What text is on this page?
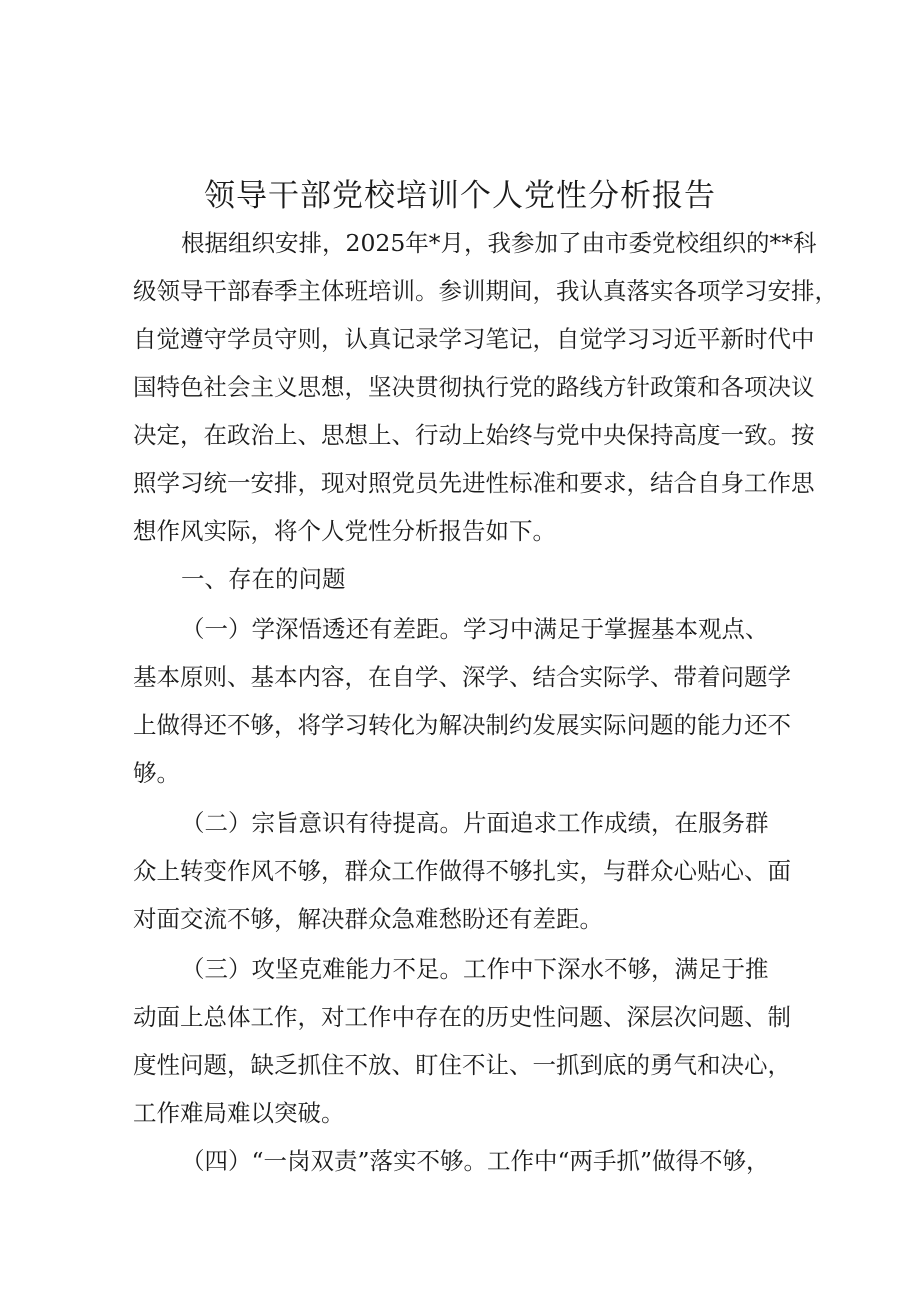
领导干部党校培训个人党性分析报告

根据组织安排，2025年*月，我参加了由市委党校组织的**科

级领导干部春季主体班培训。参训期间，我认真落实各项学习安排，

自觉遵守学员守则，认真记录学习笔记，自觉学习习近平新时代中

国特色社会主义思想，坚决贯彻执行党的路线方针政策和各项决议

决定，在政治上、思想上、行动上始终与党中央保持高度一致。按

照学习统一安排，现对照党员先进性标准和要求，结合自身工作思

想作风实际，将个人党性分析报告如下。

一、存在的问题

（一）学深悟透还有差距。学习中满足于掌握基本观点、

基本原则、基本内容，在自学、深学、结合实际学、带着问题学

上做得还不够，将学习转化为解决制约发展实际问题的能力还不

够。

（二）宗旨意识有待提高。片面追求工作成绩，在服务群

众上转变作风不够，群众工作做得不够扎实，与群众心贴心、面

对面交流不够，解决群众急难愁盼还有差距。

（三）攻坚克难能力不足。工作中下深水不够，满足于推

动面上总体工作，对工作中存在的历史性问题、深层次问题、制

度性问题，缺乏抓住不放、盯住不让、一抓到底的勇气和决心，

工作难局难以突破。

（四）“一岗双责”落实不够。工作中“两手抓”做得不够，
